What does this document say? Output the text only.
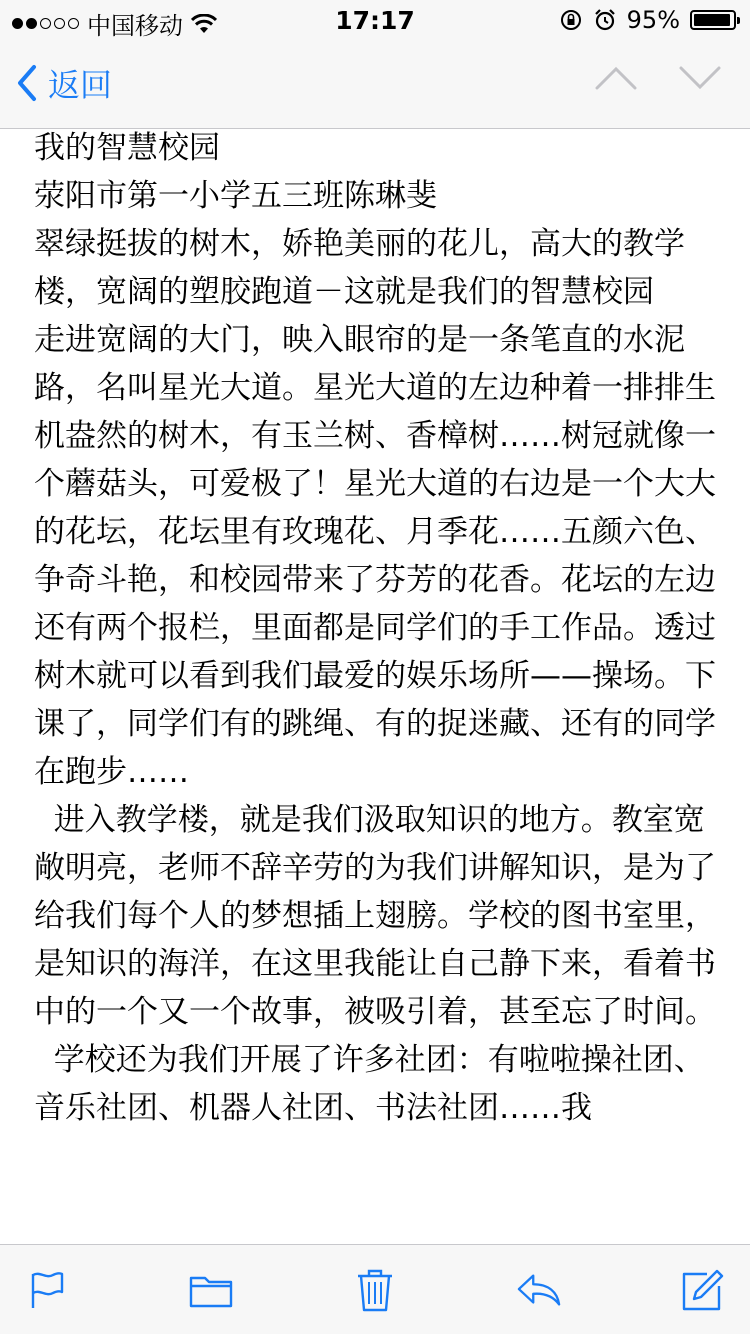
中国移动	17:17	95%
返回

我的智慧校园

荥阳市第一小学五三班陈琳斐

翠绿挺拔的树木，娇艳美丽的花儿，高大的教学楼，宽阔的塑胶跑道－这就是我们的智慧校园

走进宽阔的大门，映入眼帘的是一条笔直的水泥路，名叫星光大道。星光大道的左边种着一排排生机盎然的树木，有玉兰树、香樟树……树冠就像一个蘑菇头，可爱极了！星光大道的右边是一个大大的花坛，花坛里有玫瑰花、月季花……五颜六色、争奇斗艳，和校园带来了芬芳的花香。花坛的左边还有两个报栏，里面都是同学们的手工作品。透过树木就可以看到我们最爱的娱乐场所——操场。下课了，同学们有的跳绳、有的捉迷藏、还有的同学在跑步……

进入教学楼，就是我们汲取知识的地方。教室宽敞明亮，老师不辞辛劳的为我们讲解知识，是为了给我们每个人的梦想插上翅膀。学校的图书室里，是知识的海洋，在这里我能让自己静下来，看着书中的一个又一个故事，被吸引着，甚至忘了时间。

学校还为我们开展了许多社团：有啦啦操社团、音乐社团、机器人社团、书法社团……我
